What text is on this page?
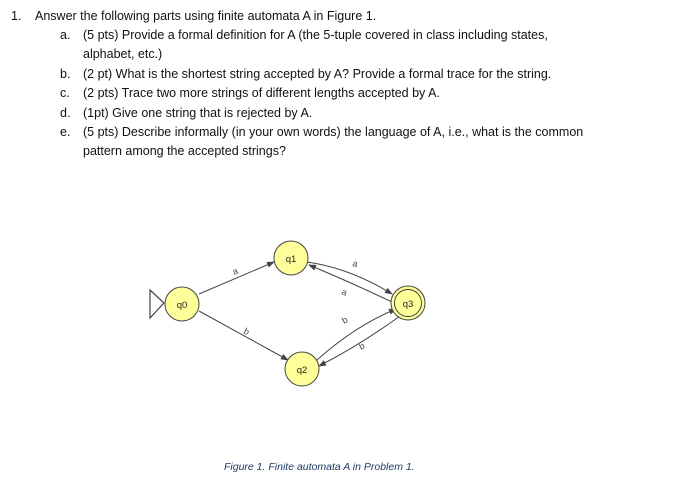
1. Answer the following parts using finite automata A in Figure 1.
a. (5 pts) Provide a formal definition for A (the 5-tuple covered in class including states,
alphabet, etc.)
b. (2 pt) What is the shortest string accepted by A? Provide a formal trace for the string.
c. (2 pts) Trace two more strings of different lengths accepted by A.
d. (1pt) Give one string that is rejected by A.
e. (5 pts) Describe informally (in your own words) the language of A, i.e., what is the common
pattern among the accepted strings?
a
b
a
a
b
b
q0
q1
q2
q3
Figure 1. Finite automata A in Problem 1.
